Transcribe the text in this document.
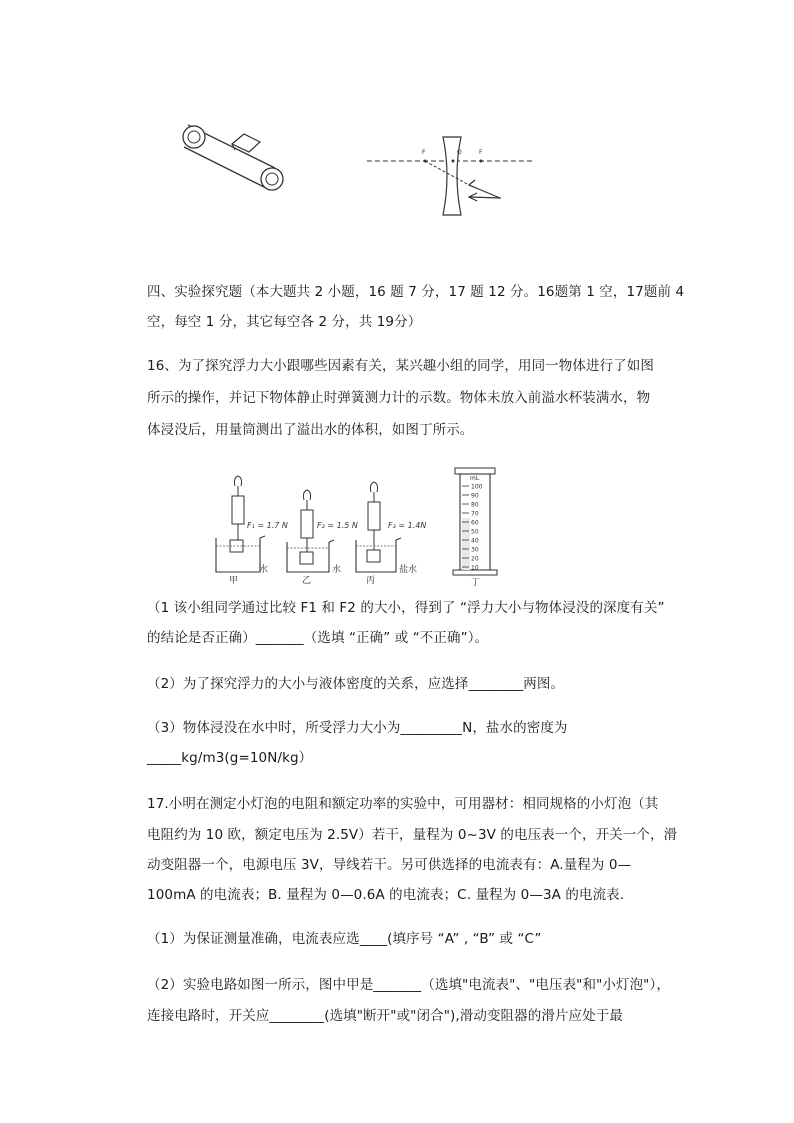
F	O	F
四、实验探究题（本大题共 2 小题，16 题 7 分，17 题 12 分。16题第 1 空，17题前 4
空，每空 1 分，其它每空各 2 分，共 19分）
16、为了探究浮力大小跟哪些因素有关，某兴趣小组的同学，用同一物体进行了如图
所示的操作，并记下物体静止时弹簧测力计的示数。物体未放入前溢水杯装满水，物
体浸没后，用量筒测出了溢出水的体积，如图丁所示。
F₁ = 1.7 N
水
甲
F₂ = 1.5 N
水
乙
F₃ = 1.4N
盐水
丙
mL
100
90
80
70
60
50
40
30
20
10
丁
（1 该小组同学通过比较 F1 和 F2 的大小，得到了 “浮力大小与物体浸没的深度有关”
的结论是否正确）_______（选填 “正确” 或 “不正确”）。
（2）为了探究浮力的大小与液体密度的关系，应选择________两图。
（3）物体浸没在水中时，所受浮力大小为_________N，盐水的密度为
_____kg/m3(g=10N/kg）
17.小明在测定小灯泡的电阻和额定功率的实验中，可用器材：相同规格的小灯泡（其
电阻约为 10 欧，额定电压为 2.5V）若干，量程为 0~3V 的电压表一个，开关一个，滑
动变阻器一个，电源电压 3V，导线若干。另可供选择的电流表有：A.量程为 0—
100mA 的电流表；B. 量程为 0—0.6A 的电流表；C. 量程为 0—3A 的电流表.
（1）为保证测量准确，电流表应选____(填序号 “A” , “B” 或 “C”
（2）实验电路如图一所示，图中甲是_______（选填"电流表"、"电压表"和"小灯泡"），
连接电路时，开关应________(选填"断开"或"闭合"),滑动变阻器的滑片应处于最
